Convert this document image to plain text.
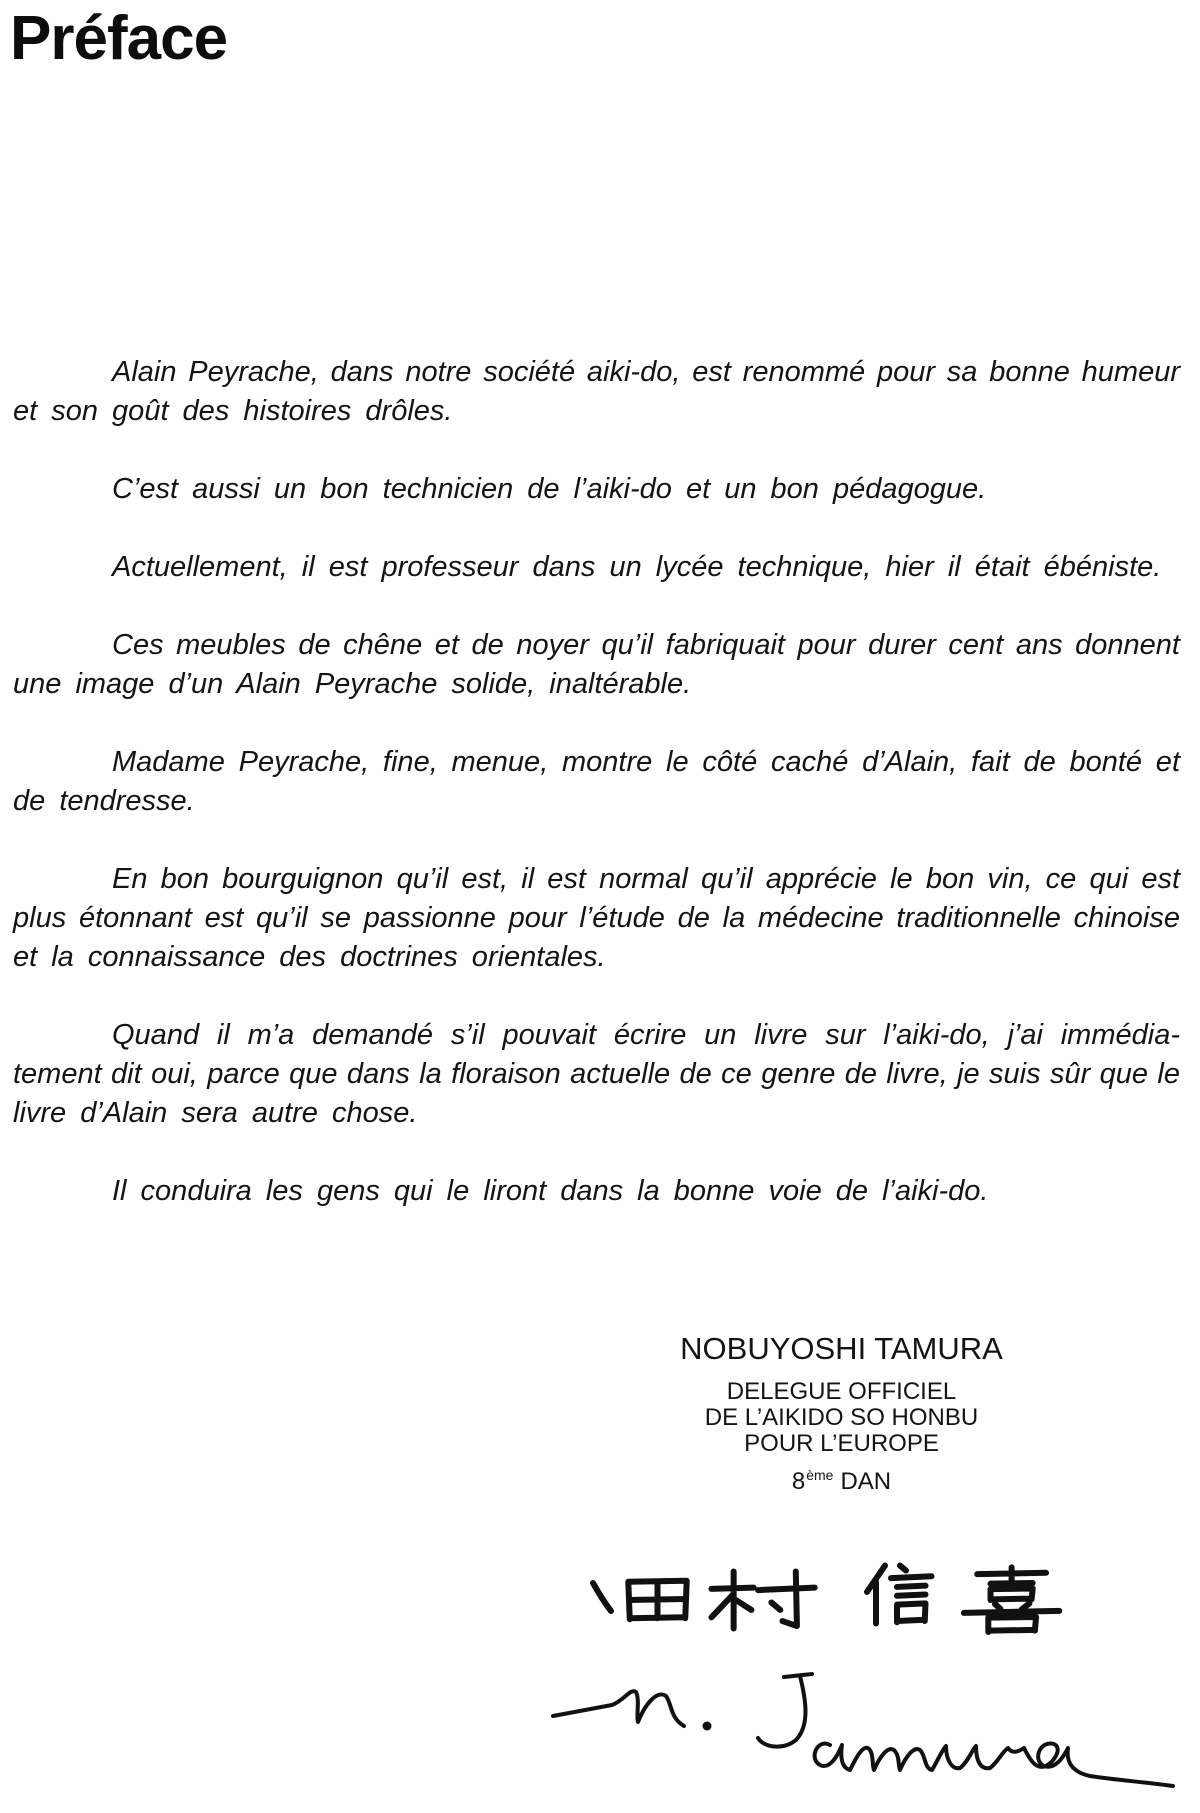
Préface
Alain Peyrache, dans notre société aiki-do, est renommé pour sa bonne humeur
et son goût des histoires drôles.
C’est aussi un bon technicien de l’aiki-do et un bon pédagogue.
Actuellement, il est professeur dans un lycée technique, hier il était ébéniste.
Ces meubles de chêne et de noyer qu’il fabriquait pour durer cent ans donnent
une image d’un Alain Peyrache solide, inaltérable.
Madame Peyrache, fine, menue, montre le côté caché d’Alain, fait de bonté et
de tendresse.
En bon bourguignon qu’il est, il est normal qu’il apprécie le bon vin, ce qui est
plus étonnant est qu’il se passionne pour l’étude de la médecine traditionnelle chinoise
et la connaissance des doctrines orientales.
Quand il m’a demandé s’il pouvait écrire un livre sur l’aiki-do, j’ai immédia-
tement dit oui, parce que dans la floraison actuelle de ce genre de livre, je suis sûr que le
livre d’Alain sera autre chose.
Il conduira les gens qui le liront dans la bonne voie de l’aiki-do.
NOBUYOSHI TAMURA
DELEGUE OFFICIEL
DE L’AIKIDO SO HONBU
POUR L’EUROPE
8ème DAN
